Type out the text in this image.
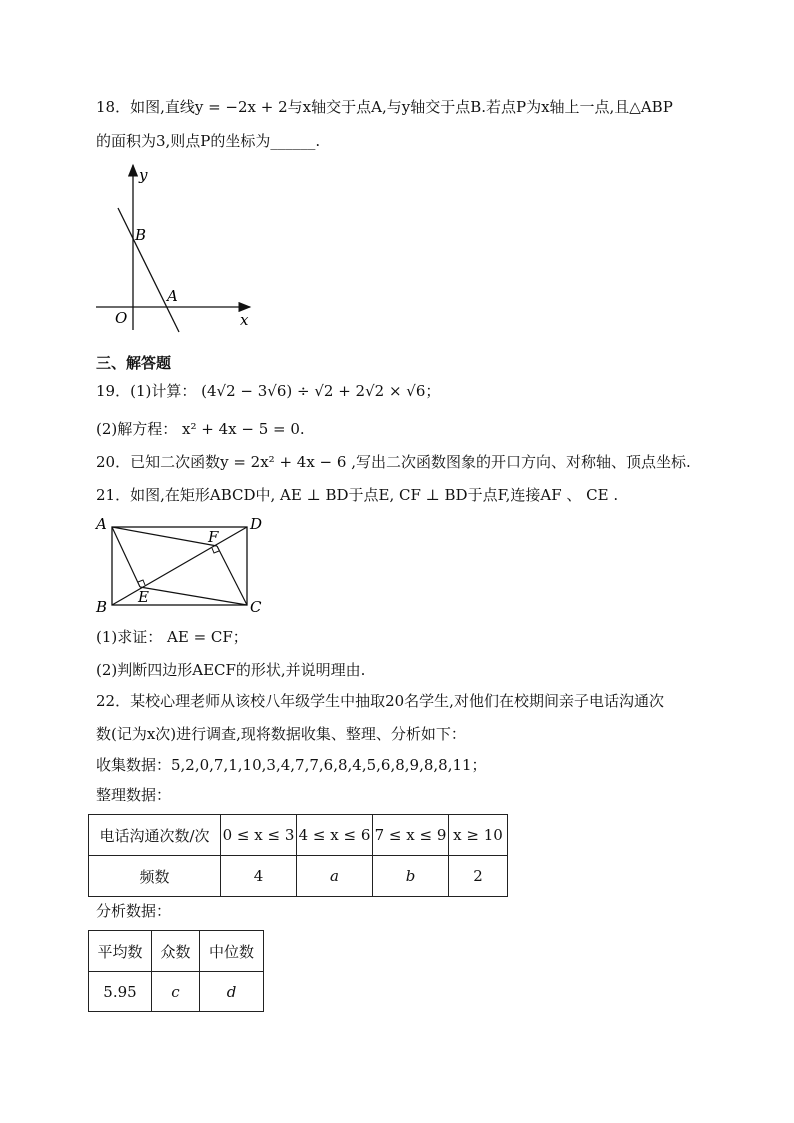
18．如图,直线y = −2x + 2与x轴交于点A,与y轴交于点B.若点P为x轴上一点,且△ABP
的面积为3,则点P的坐标为______.
y
x
O
B
A
三、解答题
19．(1)计算： (4√2 − 3√6) ÷ √2 + 2√2 × √6；
(2)解方程： x² + 4x − 5 = 0.
20．已知二次函数y = 2x² + 4x − 6 ,写出二次函数图象的开口方向、对称轴、顶点坐标.
21．如图,在矩形ABCD中, AE ⊥ BD于点E, CF ⊥ BD于点F,连接AF 、 CE .
A	D
B	C
E
F
(1)求证： AE = CF；
(2)判断四边形AECF的形状,并说明理由.
22．某校心理老师从该校八年级学生中抽取20名学生,对他们在校期间亲子电话沟通次
数(记为x次)进行调查,现将数据收集、整理、分析如下：
收集数据：5,2,0,7,1,10,3,4,7,7,6,8,4,5,6,8,9,8,8,11；
整理数据：
电话沟通次数/次	0 ≤ x ≤ 3	4 ≤ x ≤ 6	7 ≤ x ≤ 9	x ≥ 10
频数	4	a	b	2
分析数据：
平均数	众数	中位数
5.95	c	d
